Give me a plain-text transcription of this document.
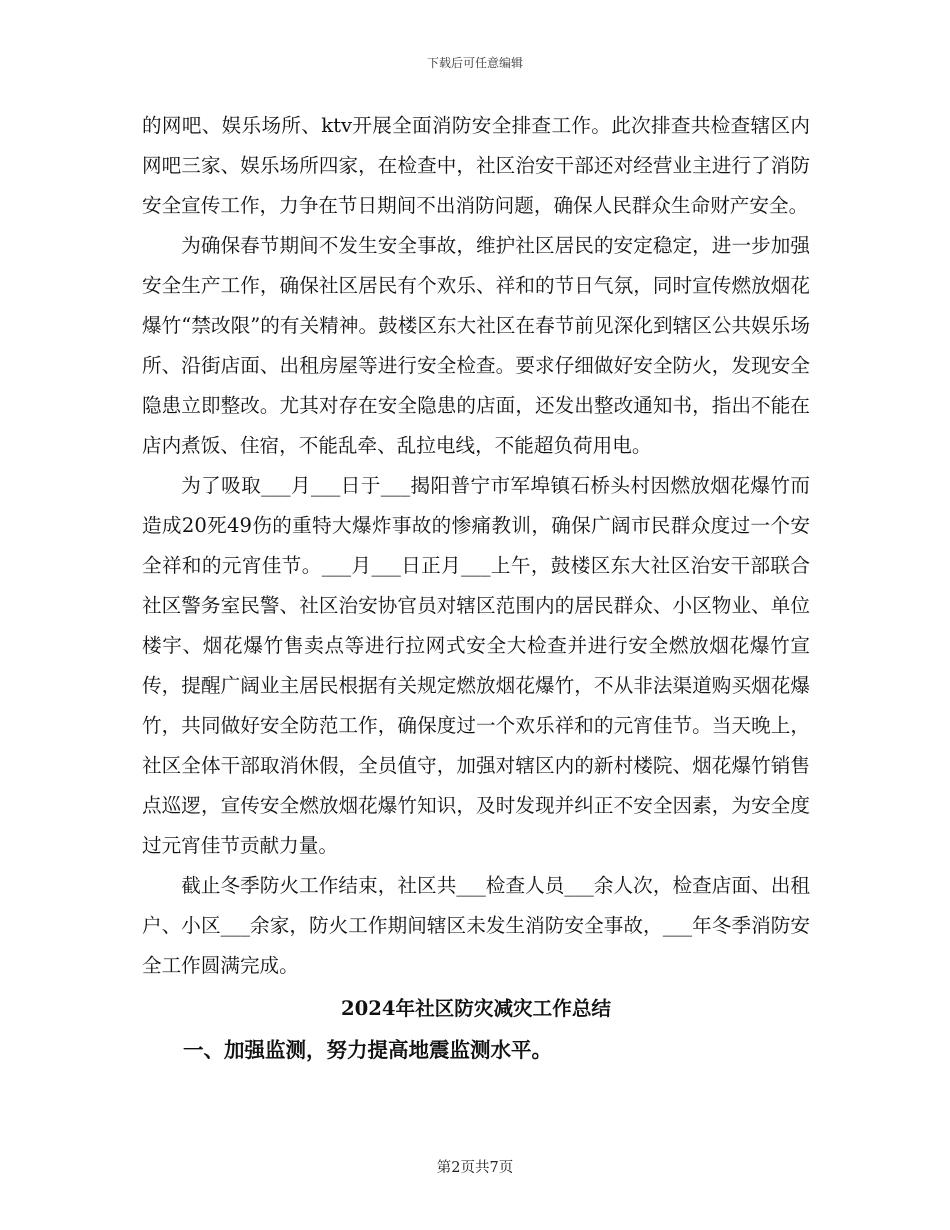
下载后可任意编辑

的网吧、娱乐场所、ktv开展全面消防安全排查工作。此次排查共检查辖区内网吧三家、娱乐场所四家，在检查中，社区治安干部还对经营业主进行了消防安全宣传工作，力争在节日期间不出消防问题，确保人民群众生命财产安全。

为确保春节期间不发生安全事故，维护社区居民的安定稳定，进一步加强安全生产工作，确保社区居民有个欢乐、祥和的节日气氛，同时宣传燃放烟花爆竹“禁改限”的有关精神。鼓楼区东大社区在春节前见深化到辖区公共娱乐场所、沿街店面、出租房屋等进行安全检查。要求仔细做好安全防火，发现安全隐患立即整改。尤其对存在安全隐患的店面，还发出整改通知书，指出不能在店内煮饭、住宿，不能乱牵、乱拉电线，不能超负荷用电。

为了吸取___月___日于___揭阳普宁市军埠镇石桥头村因燃放烟花爆竹而造成20死49伤的重特大爆炸事故的惨痛教训，确保广阔市民群众度过一个安全祥和的元宵佳节。___月___日正月___上午，鼓楼区东大社区治安干部联合社区警务室民警、社区治安协官员对辖区范围内的居民群众、小区物业、单位楼宇、烟花爆竹售卖点等进行拉网式安全大检查并进行安全燃放烟花爆竹宣传，提醒广阔业主居民根据有关规定燃放烟花爆竹，不从非法渠道购买烟花爆竹，共同做好安全防范工作，确保度过一个欢乐祥和的元宵佳节。当天晚上，社区全体干部取消休假，全员值守，加强对辖区内的新村楼院、烟花爆竹销售点巡逻，宣传安全燃放烟花爆竹知识，及时发现并纠正不安全因素，为安全度过元宵佳节贡献力量。

截止冬季防火工作结束，社区共___检查人员___余人次，检查店面、出租户、小区___余家，防火工作期间辖区未发生消防安全事故，___年冬季消防安全工作圆满完成。

2024年社区防灾减灾工作总结
一、加强监测，努力提高地震监测水平。
第2页共7页
